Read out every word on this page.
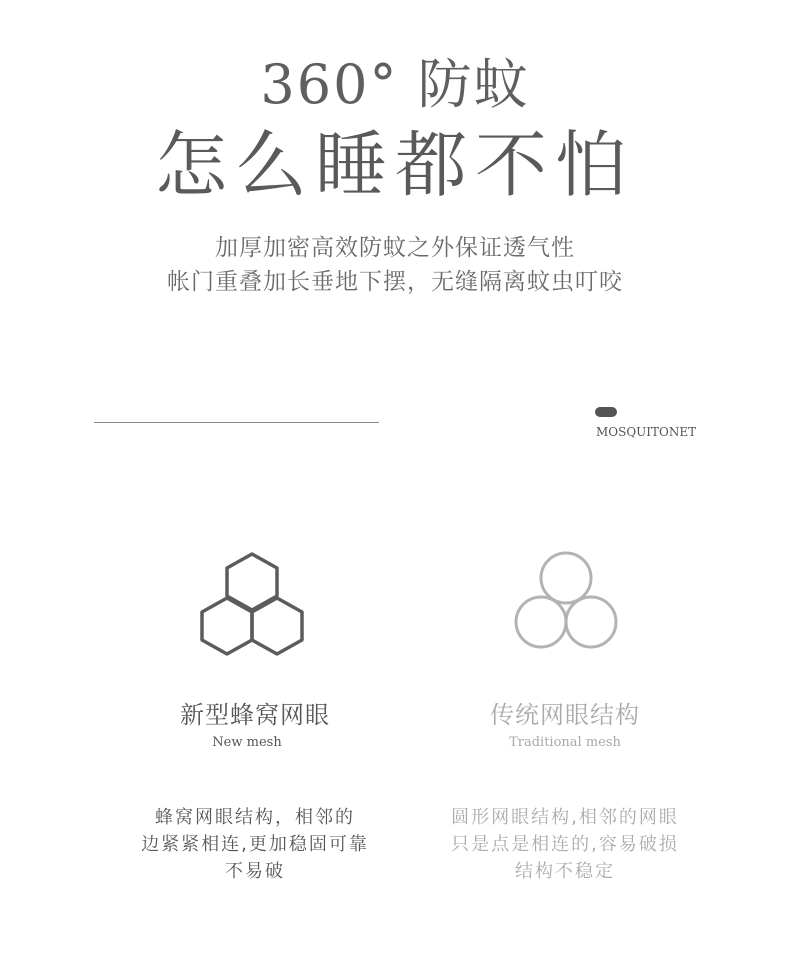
360° 防蚊
怎么睡都不怕
加厚加密高效防蚊之外保证透气性
帐门重叠加长垂地下摆，无缝隔离蚊虫叮咬
MOSQUITONET
新型蜂窝网眼
New mesh
蜂窝网眼结构，相邻的
边紧紧相连,更加稳固可靠
不易破
传统网眼结构
Traditional mesh
圆形网眼结构,相邻的网眼
只是点是相连的,容易破损
结构不稳定
